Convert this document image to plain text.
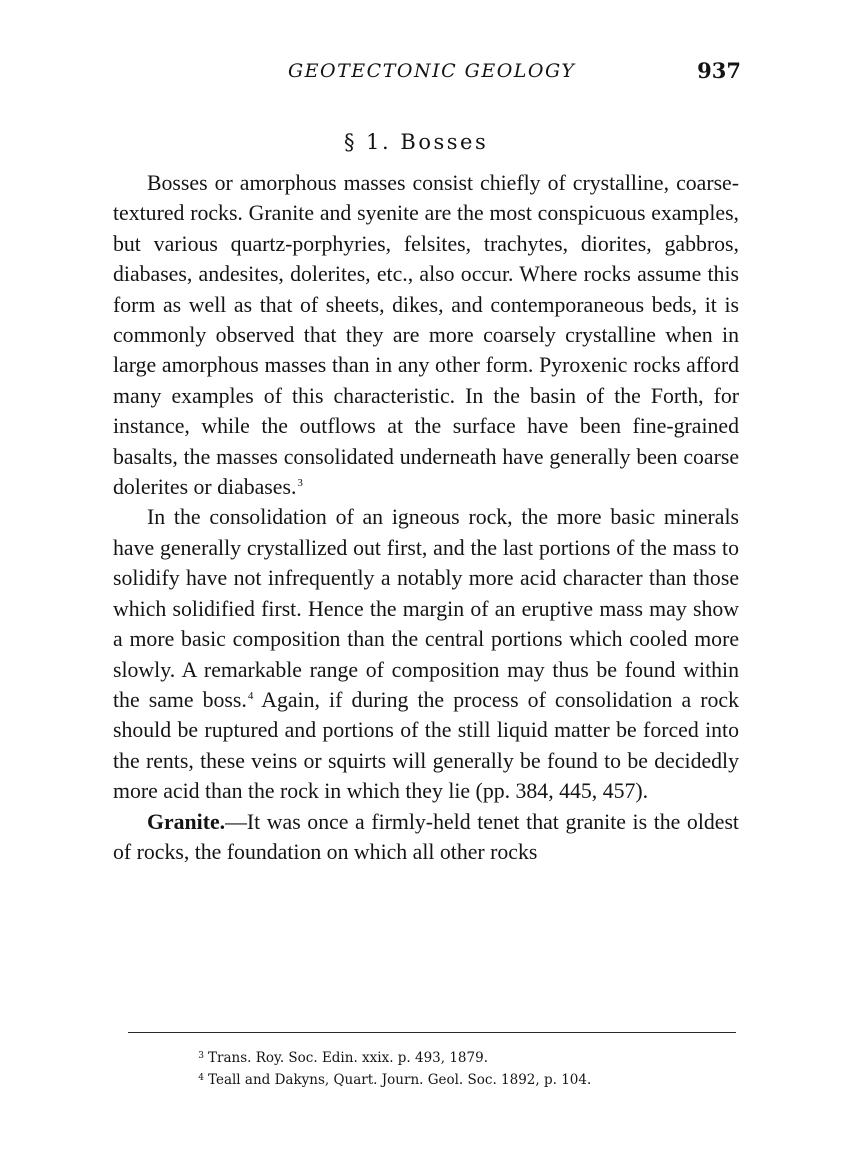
GEOTECTONIC GEOLOGY	937
§ 1. Bosses

Bosses or amorphous masses consist chiefly of crystalline, coarse-textured rocks. Granite and syenite are the most conspicuous examples, but various quartz-porphyries, felsites, trachytes, diorites, gabbros, diabases, andesites, dolerites, etc., also occur. Where rocks assume this form as well as that of sheets, dikes, and contemporaneous beds, it is commonly observed that they are more coarsely crystalline when in large amorphous masses than in any other form. Pyroxenic rocks afford many examples of this characteristic. In the basin of the Forth, for instance, while the outflows at the surface have been fine-grained basalts, the masses consolidated underneath have generally been coarse dolerites or diabases.$^3$

In the consolidation of an igneous rock, the more basic minerals have generally crystallized out first, and the last portions of the mass to solidify have not infrequently a notably more acid character than those which solidified first. Hence the margin of an eruptive mass may show a more basic composition than the central portions which cooled more slowly. A remarkable range of composition may thus be found within the same boss.$^4$ Again, if during the process of consolidation a rock should be ruptured and portions of the still liquid matter be forced into the rents, these veins or squirts will generally be found to be decidedly more acid than the rock in which they lie (pp. 384, 445, 457).

Granite.—It was once a firmly-held tenet that granite is the oldest of rocks, the foundation on which all other rocks

3 Trans. Roy. Soc. Edin. xxix. p. 493, 1879.
4 Teall and Dakyns, Quart. Journ. Geol. Soc. 1892, p. 104.
